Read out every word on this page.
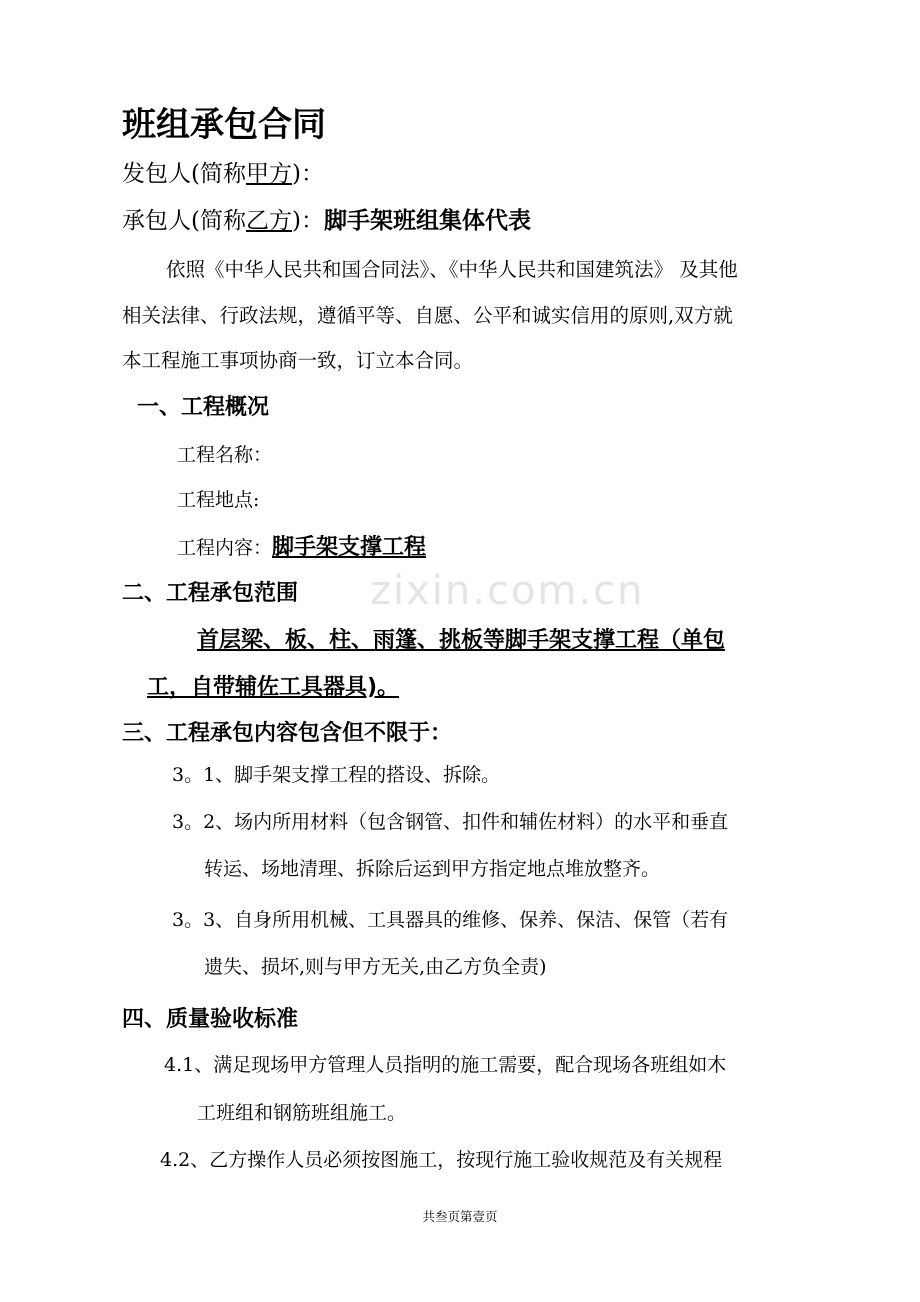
zixin.com.cn
班组承包合同
发包人(简称甲方)：
承包人(简称乙方)：脚手架班组集体代表
依照《中华人民共和国合同法》、《中华人民共和国建筑法》 及其他
相关法律、行政法规，遵循平等、自愿、公平和诚实信用的原则,双方就
本工程施工事项协商一致，订立本合同。
一、工程概况
工程名称：
工程地点:
工程内容：脚手架支撑工程
二、工程承包范围
首层梁、板、柱、雨篷、挑板等脚手架支撑工程（单包
工，自带辅佐工具器具)。
三、工程承包内容包含但不限于：
3。1、脚手架支撑工程的搭设、拆除。
3。2、场内所用材料（包含钢管、扣件和辅佐材料）的水平和垂直
转运、场地清理、拆除后运到甲方指定地点堆放整齐。
3。3、自身所用机械、工具器具的维修、保养、保洁、保管（若有
遗失、损坏,则与甲方无关,由乙方负全责)
四、质量验收标准
4.1、满足现场甲方管理人员指明的施工需要，配合现场各班组如木
工班组和钢筋班组施工。
4.2、乙方操作人员必须按图施工，按现行施工验收规范及有关规程
共叁页第壹页
